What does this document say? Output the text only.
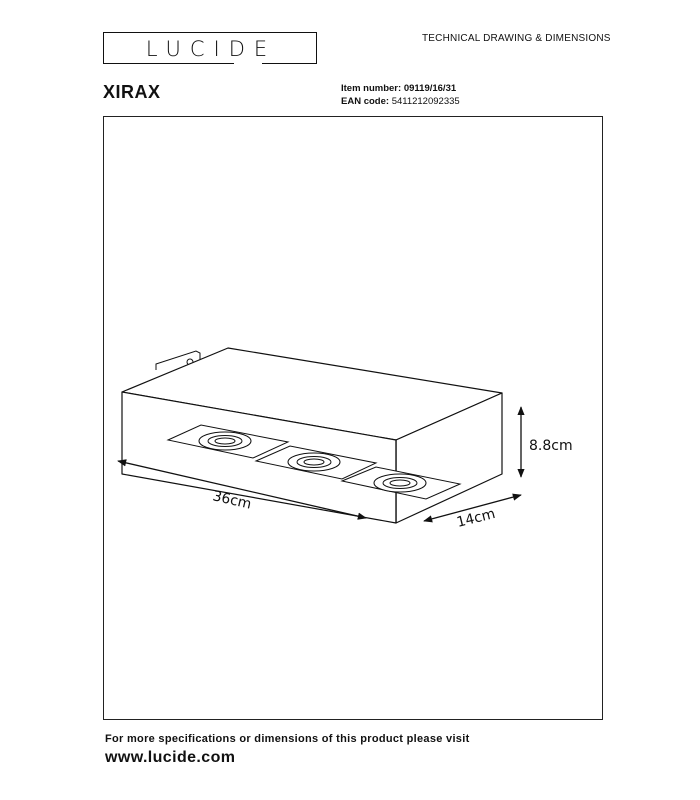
LUCIDE	TECHNICAL DRAWING & DIMENSIONS
XIRAX	Item number: 09119/16/31
EAN code: 5411212092335
36cm
14cm
8.8cm
For more specifications or dimensions of this product please visit
www.lucide.com
